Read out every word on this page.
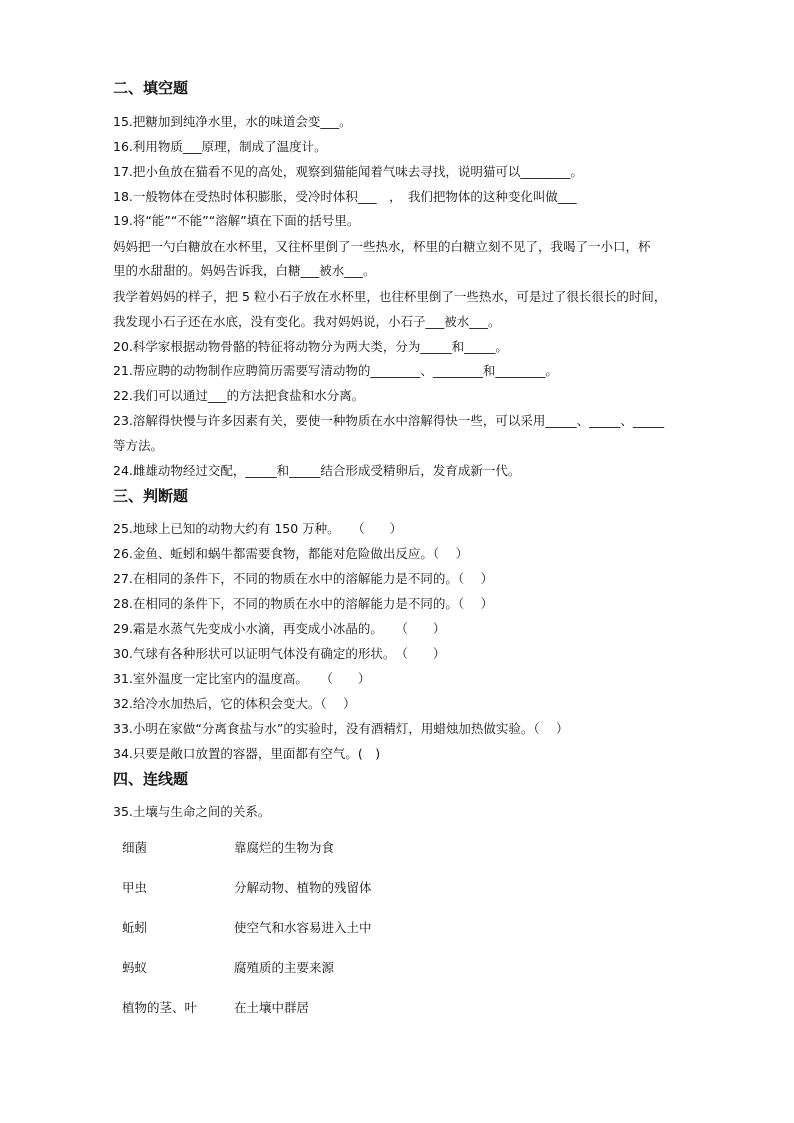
二、填空题
15.把糖加到纯净水里，水的味道会变___。
16.利用物质___原理，制成了温度计。
17.把小鱼放在猫看不见的高处，观察到猫能闻着气味去寻找，说明猫可以________。
18.一般物体在受热时体积膨胀，受冷时体积___　，　我们把物体的这种变化叫做___
19.将“能”“不能”“溶解”填在下面的括号里。
妈妈把一勺白糖放在水杯里，又往杯里倒了一些热水，杯里的白糖立刻不见了，我喝了一小口，杯
里的水甜甜的。妈妈告诉我，白糖___被水___。
我学着妈妈的样子，把 5 粒小石子放在水杯里，也往杯里倒了一些热水，可是过了很长很长的时间，
我发现小石子还在水底，没有变化。我对妈妈说，小石子___被水___。
20.科学家根据动物骨骼的特征将动物分为两大类，分为_____和_____。
21.帮应聘的动物制作应聘简历需要写清动物的________、________和________。
22.我们可以通过___的方法把食盐和水分离。
23.溶解得快慢与许多因素有关，要使一种物质在水中溶解得快一些，可以采用_____、_____、_____
等方法。
24.雌雄动物经过交配，_____和_____结合形成受精卵后，发育成新一代。
三、判断题
25.地球上已知的动物大约有 150 万种。　　（　　）
26.金鱼、蚯蚓和蜗牛都需要食物，都能对危险做出反应。（　 ）
27.在相同的条件下，不同的物质在水中的溶解能力是不同的。（　 ）
28.在相同的条件下，不同的物质在水中的溶解能力是不同的。（　 ）
29.霜是水蒸气先变成小水滴，再变成小冰晶的。　　（　　）
30.气球有各种形状可以证明气体没有确定的形状。　（　　）
31.室外温度一定比室内的温度高。　　（　　）
32.给冷水加热后，它的体积会变大。（　 ）
33.小明在家做“分离食盐与水”的实验时，没有酒精灯，用蜡烛加热做实验。（　 ）
34.只要是敞口放置的容器，里面都有空气。(　)
四、连线题
35.土壤与生命之间的关系。
细菌	靠腐烂的生物为食
甲虫	分解动物、植物的残留体
蚯蚓	使空气和水容易进入土中
蚂蚁	腐殖质的主要来源
植物的茎、叶	在土壤中群居
